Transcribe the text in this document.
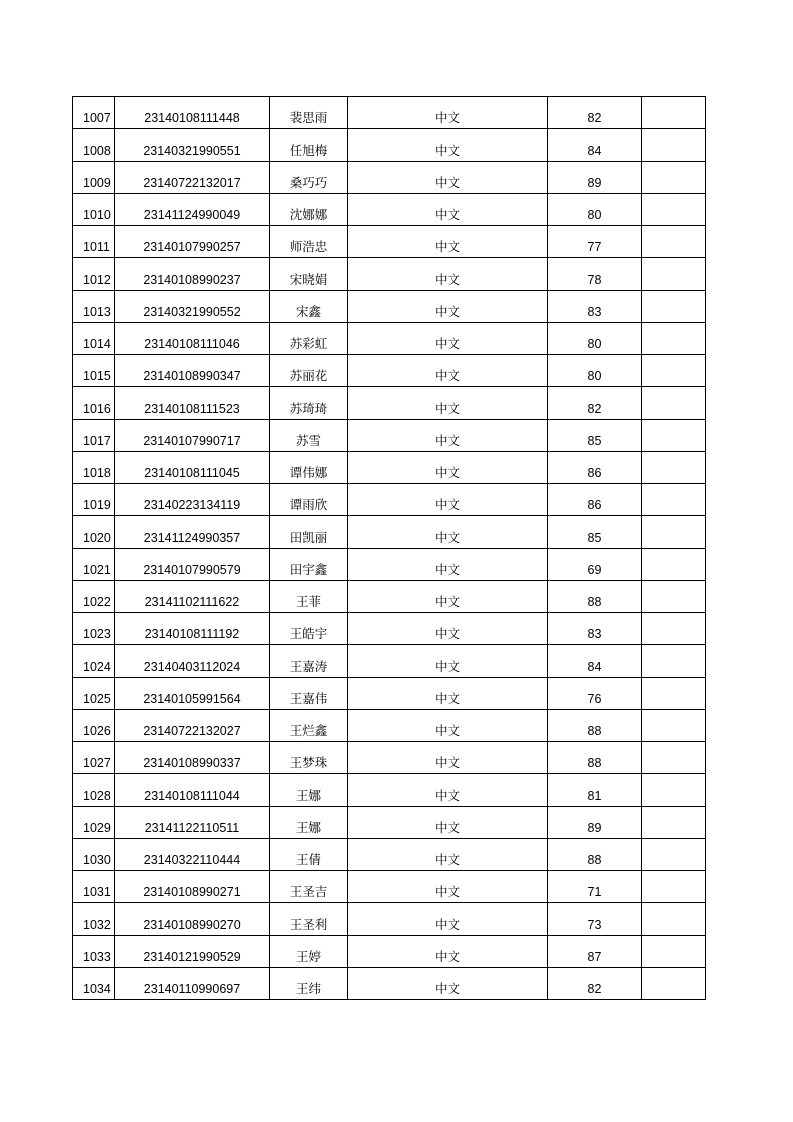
1007	23140108111448	裴思雨	中文	82	

1008	23140321990551	任旭梅	中文	84	

1009	23140722132017	桑巧巧	中文	89	

1010	23141124990049	沈娜娜	中文	80	

1011	23140107990257	师浩忠	中文	77	

1012	23140108990237	宋晓娟	中文	78	

1013	23140321990552	宋鑫	中文	83	

1014	23140108111046	苏彩虹	中文	80	

1015	23140108990347	苏丽花	中文	80	

1016	23140108111523	苏琦琦	中文	82	

1017	23140107990717	苏雪	中文	85	

1018	23140108111045	谭伟娜	中文	86	

1019	23140223134119	谭雨欣	中文	86	

1020	23141124990357	田凯丽	中文	85	

1021	23140107990579	田宇鑫	中文	69	

1022	23141102111622	王菲	中文	88	

1023	23140108111192	王皓宇	中文	83	

1024	23140403112024	王嘉涛	中文	84	

1025	23140105991564	王嘉伟	中文	76	

1026	23140722132027	王烂鑫	中文	88	

1027	23140108990337	王梦珠	中文	88	

1028	23140108111044	王娜	中文	81	

1029	23141122110511	王娜	中文	89	

1030	23140322110444	王倩	中文	88	

1031	23140108990271	王圣吉	中文	71	

1032	23140108990270	王圣利	中文	73	

1033	23140121990529	王婷	中文	87	

1034	23140110990697	王纬	中文	82	
